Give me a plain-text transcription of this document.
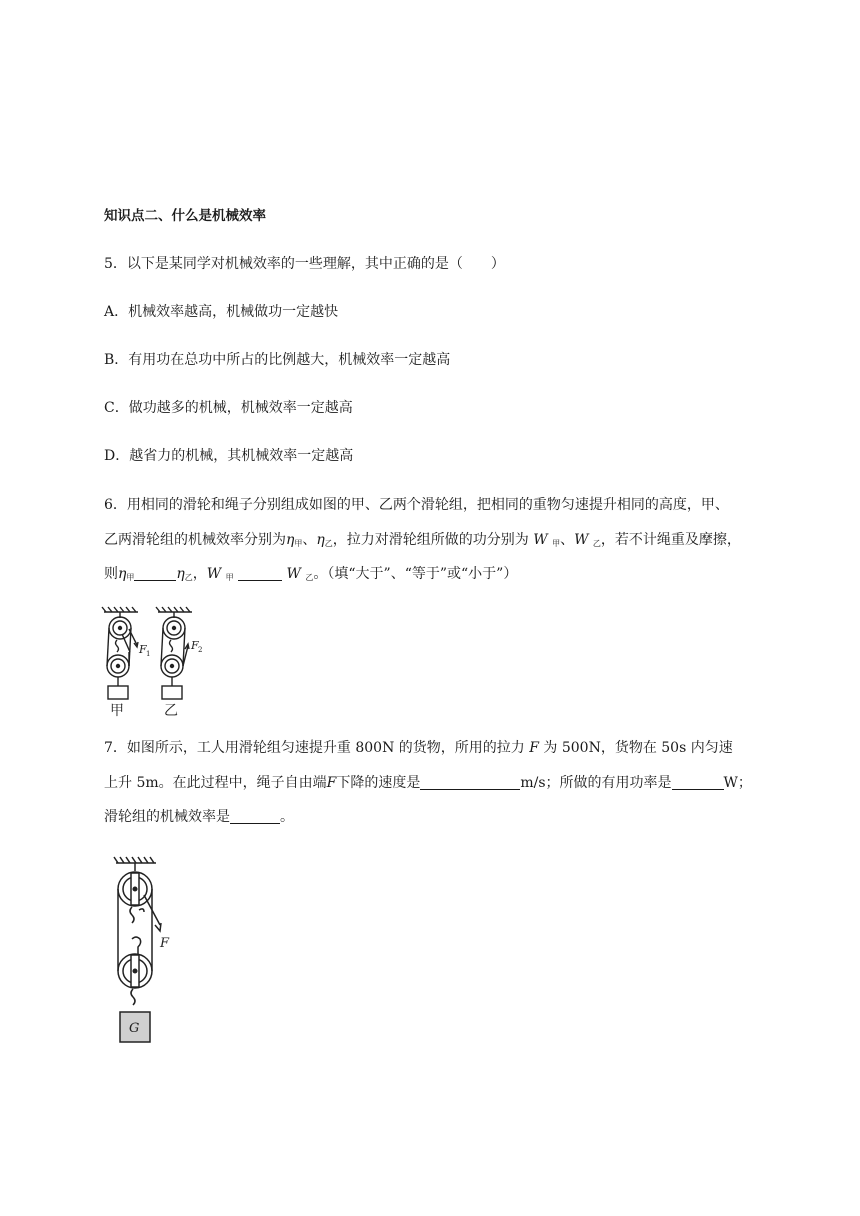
知识点二、什么是机械效率
5．以下是某同学对机械效率的一些理解，其中正确的是（　　）
A．机械效率越高，机械做功一定越快
B．有用功在总功中所占的比例越大，机械效率一定越高
C．做功越多的机械，机械效率一定越高
D．越省力的机械，其机械效率一定越高
6．用相同的滑轮和绳子分别组成如图的甲、乙两个滑轮组，把相同的重物匀速提升相同的高度，甲、
乙两滑轮组的机械效率分别为$\eta_甲$、$\eta_乙$，拉力对滑轮组所做的功分别为 W $_甲$、W $_乙$，若不计绳重及摩擦，
则$\eta_甲$	$\eta_乙$，W $_甲$	W $_乙$。（填“大于”、“等于”或“小于”）
F 1
F 2
甲	乙
7．如图所示，工人用滑轮组匀速提升重 800N 的货物，所用的拉力 F 为 500N，货物在 50s 内匀速
上升 5m。在此过程中，绳子自由端F下降的速度是	m/s；所做的有用功率是	W；
滑轮组的机械效率是	。
F
G
